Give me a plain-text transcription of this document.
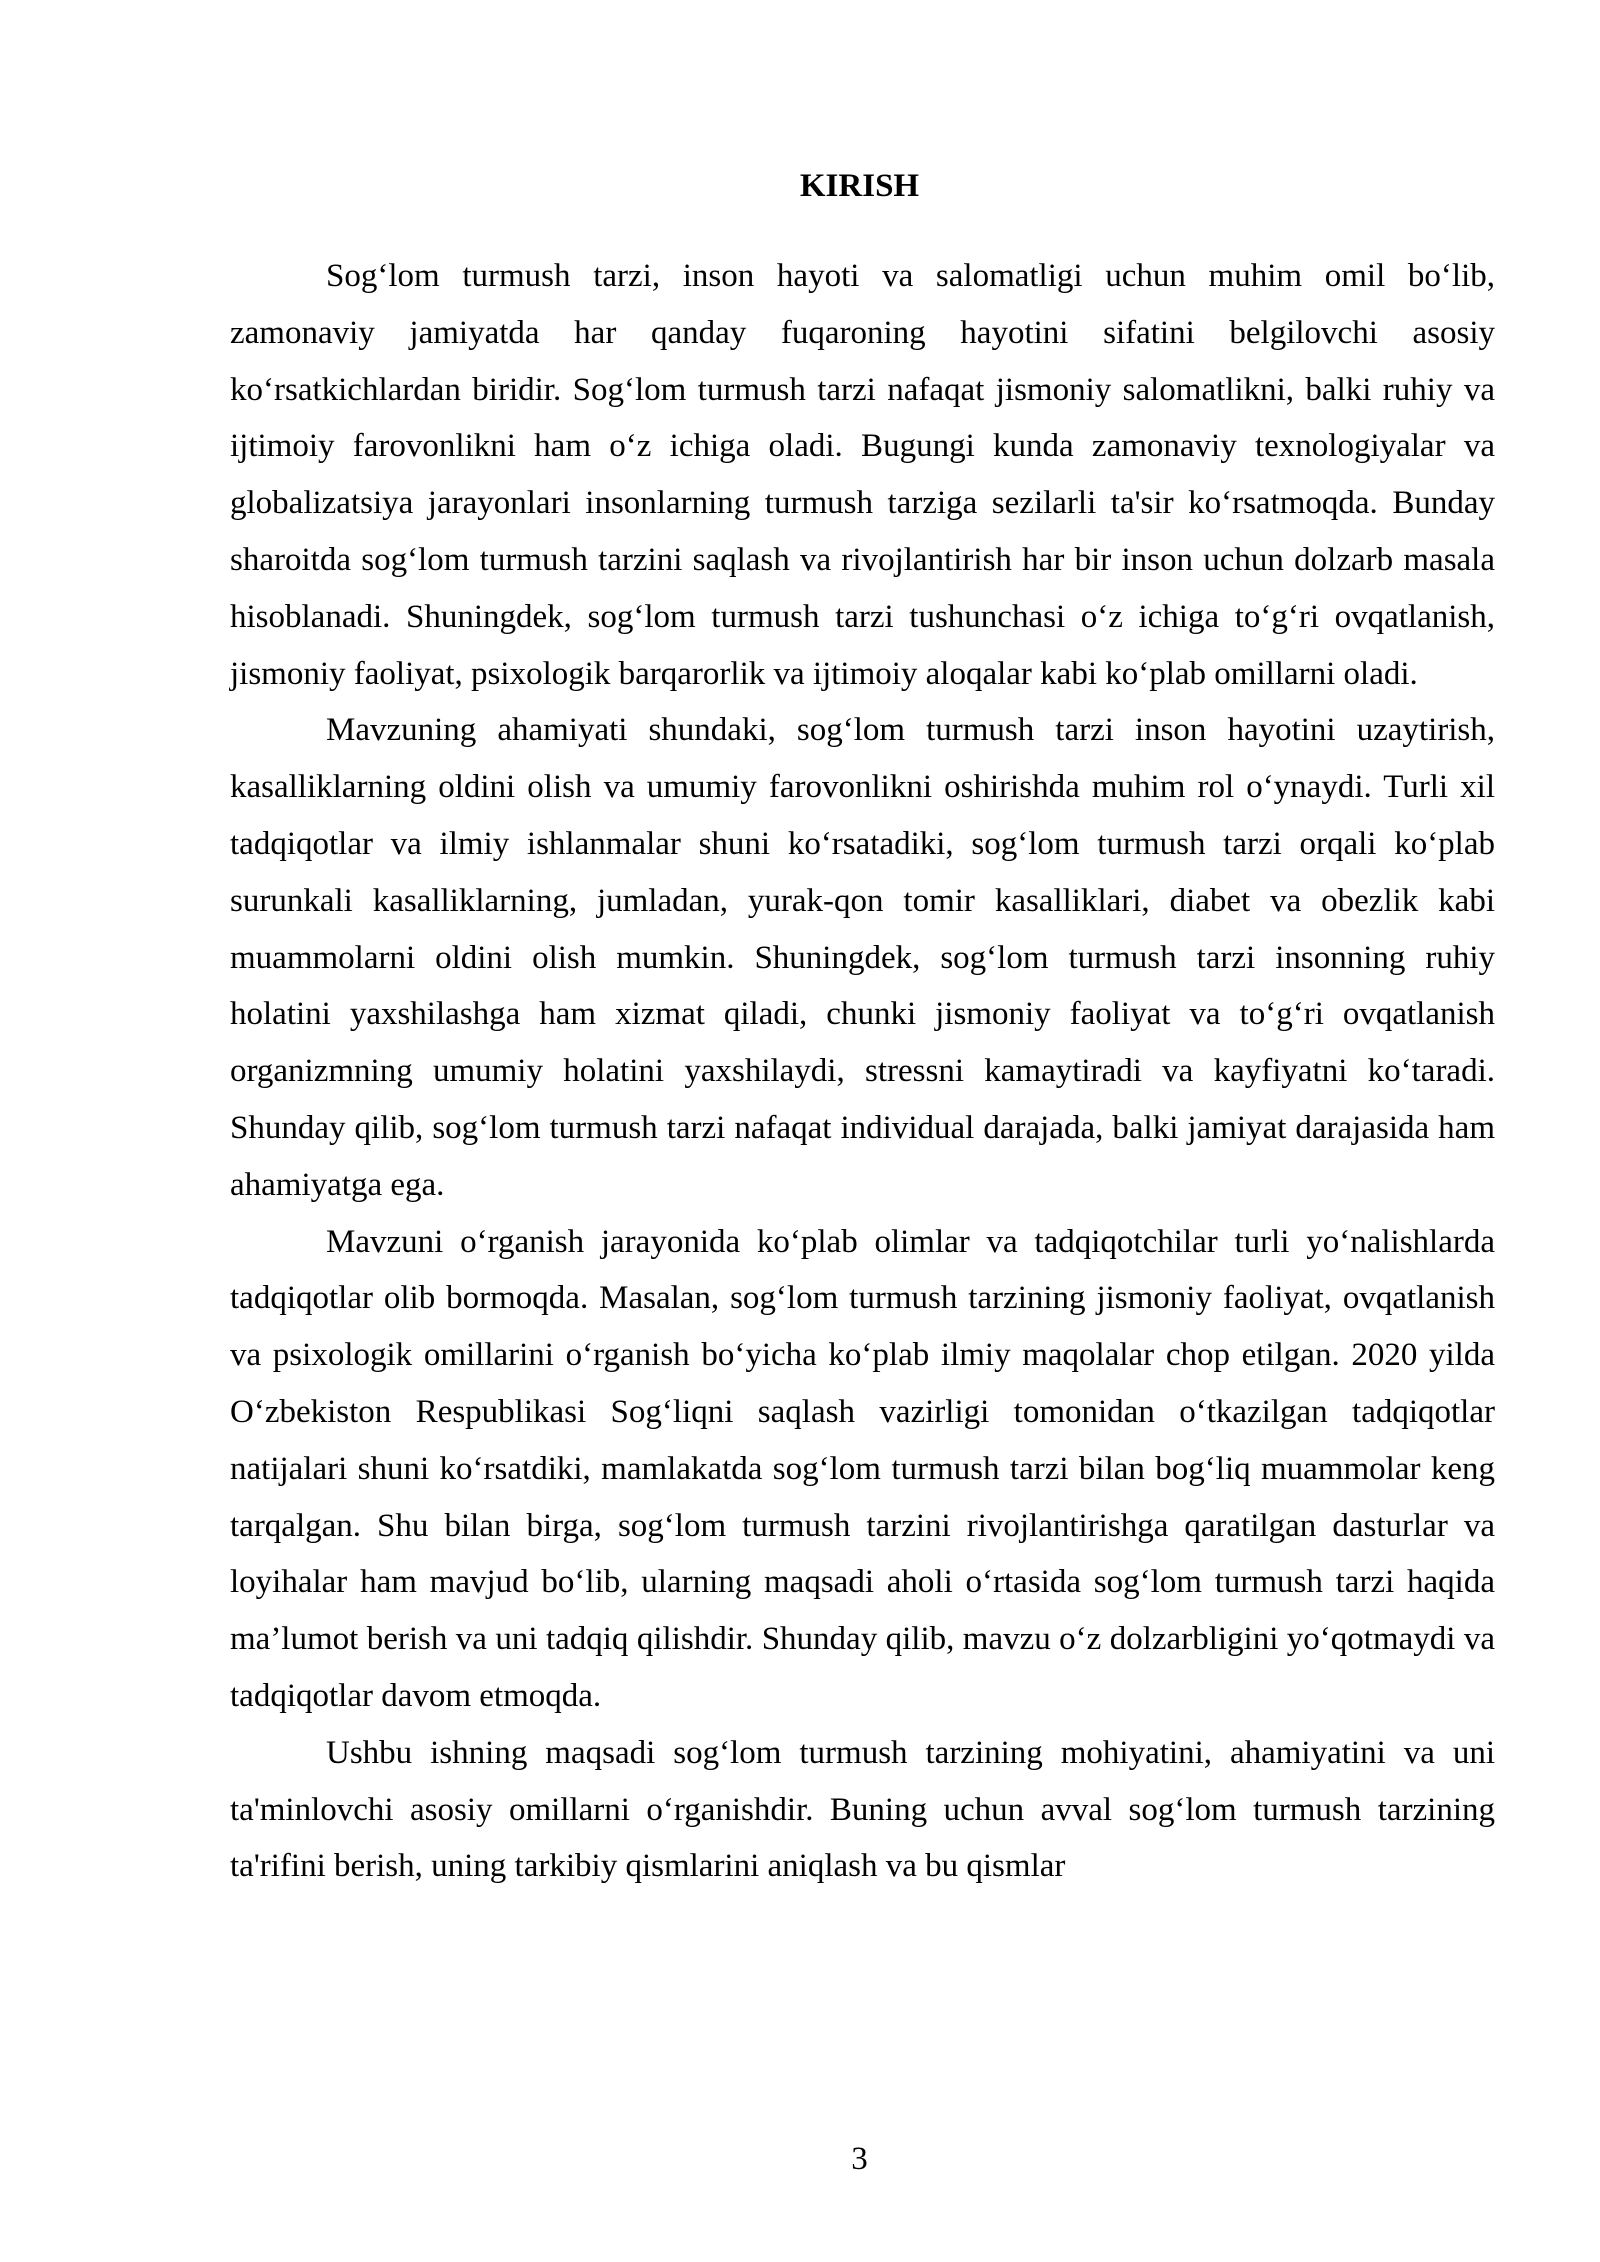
KIRISH

Sog‘lom turmush tarzi, inson hayoti va salomatligi uchun muhim omil bo‘lib, zamonaviy jamiyatda har qanday fuqaroning hayotini sifatini belgilovchi asosiy ko‘rsatkichlardan biridir. Sog‘lom turmush tarzi nafaqat jismoniy salomatlikni, balki ruhiy va ijtimoiy farovonlikni ham o‘z ichiga oladi. Bugungi kunda zamonaviy texnologiyalar va globalizatsiya jarayonlari insonlarning turmush tarziga sezilarli ta'sir ko‘rsatmoqda. Bunday sharoitda sog‘lom turmush tarzini saqlash va rivojlantirish har bir inson uchun dolzarb masala hisoblanadi. Shuningdek, sog‘lom turmush tarzi tushunchasi o‘z ichiga to‘g‘ri ovqatlanish, jismoniy faoliyat, psixologik barqarorlik va ijtimoiy aloqalar kabi ko‘plab omillarni oladi.

Mavzuning ahamiyati shundaki, sog‘lom turmush tarzi inson hayotini uzaytirish, kasalliklarning oldini olish va umumiy farovonlikni oshirishda muhim rol o‘ynaydi. Turli xil tadqiqotlar va ilmiy ishlanmalar shuni ko‘rsatadiki, sog‘lom turmush tarzi orqali ko‘plab surunkali kasalliklarning, jumladan, yurak-qon tomir kasalliklari, diabet va obezlik kabi muammolarni oldini olish mumkin. Shuningdek, sog‘lom turmush tarzi insonning ruhiy holatini yaxshilashga ham xizmat qiladi, chunki jismoniy faoliyat va to‘g‘ri ovqatlanish organizmning umumiy holatini yaxshilaydi, stressni kamaytiradi va kayfiyatni ko‘taradi. Shunday qilib, sog‘lom turmush tarzi nafaqat individual darajada, balki jamiyat darajasida ham ahamiyatga ega.

Mavzuni o‘rganish jarayonida ko‘plab olimlar va tadqiqotchilar turli yo‘nalishlarda tadqiqotlar olib bormoqda. Masalan, sog‘lom turmush tarzining jismoniy faoliyat, ovqatlanish va psixologik omillarini o‘rganish bo‘yicha ko‘plab ilmiy maqolalar chop etilgan. 2020 yilda O‘zbekiston Respublikasi Sog‘liqni saqlash vazirligi tomonidan o‘tkazilgan tadqiqotlar natijalari shuni ko‘rsatdiki, mamlakatda sog‘lom turmush tarzi bilan bog‘liq muammolar keng tarqalgan. Shu bilan birga, sog‘lom turmush tarzini rivojlantirishga qaratilgan dasturlar va loyihalar ham mavjud bo‘lib, ularning maqsadi aholi o‘rtasida sog‘lom turmush tarzi haqida ma’lumot berish va uni tadqiq qilishdir. Shunday qilib, mavzu o‘z dolzarbligini yo‘qotmaydi va tadqiqotlar davom etmoqda.

Ushbu ishning maqsadi sog‘lom turmush tarzining mohiyatini, ahamiyatini va uni ta'minlovchi asosiy omillarni o‘rganishdir. Buning uchun avval sog‘lom turmush tarzining ta'rifini berish, uning tarkibiy qismlarini aniqlash va bu qismlar

3
